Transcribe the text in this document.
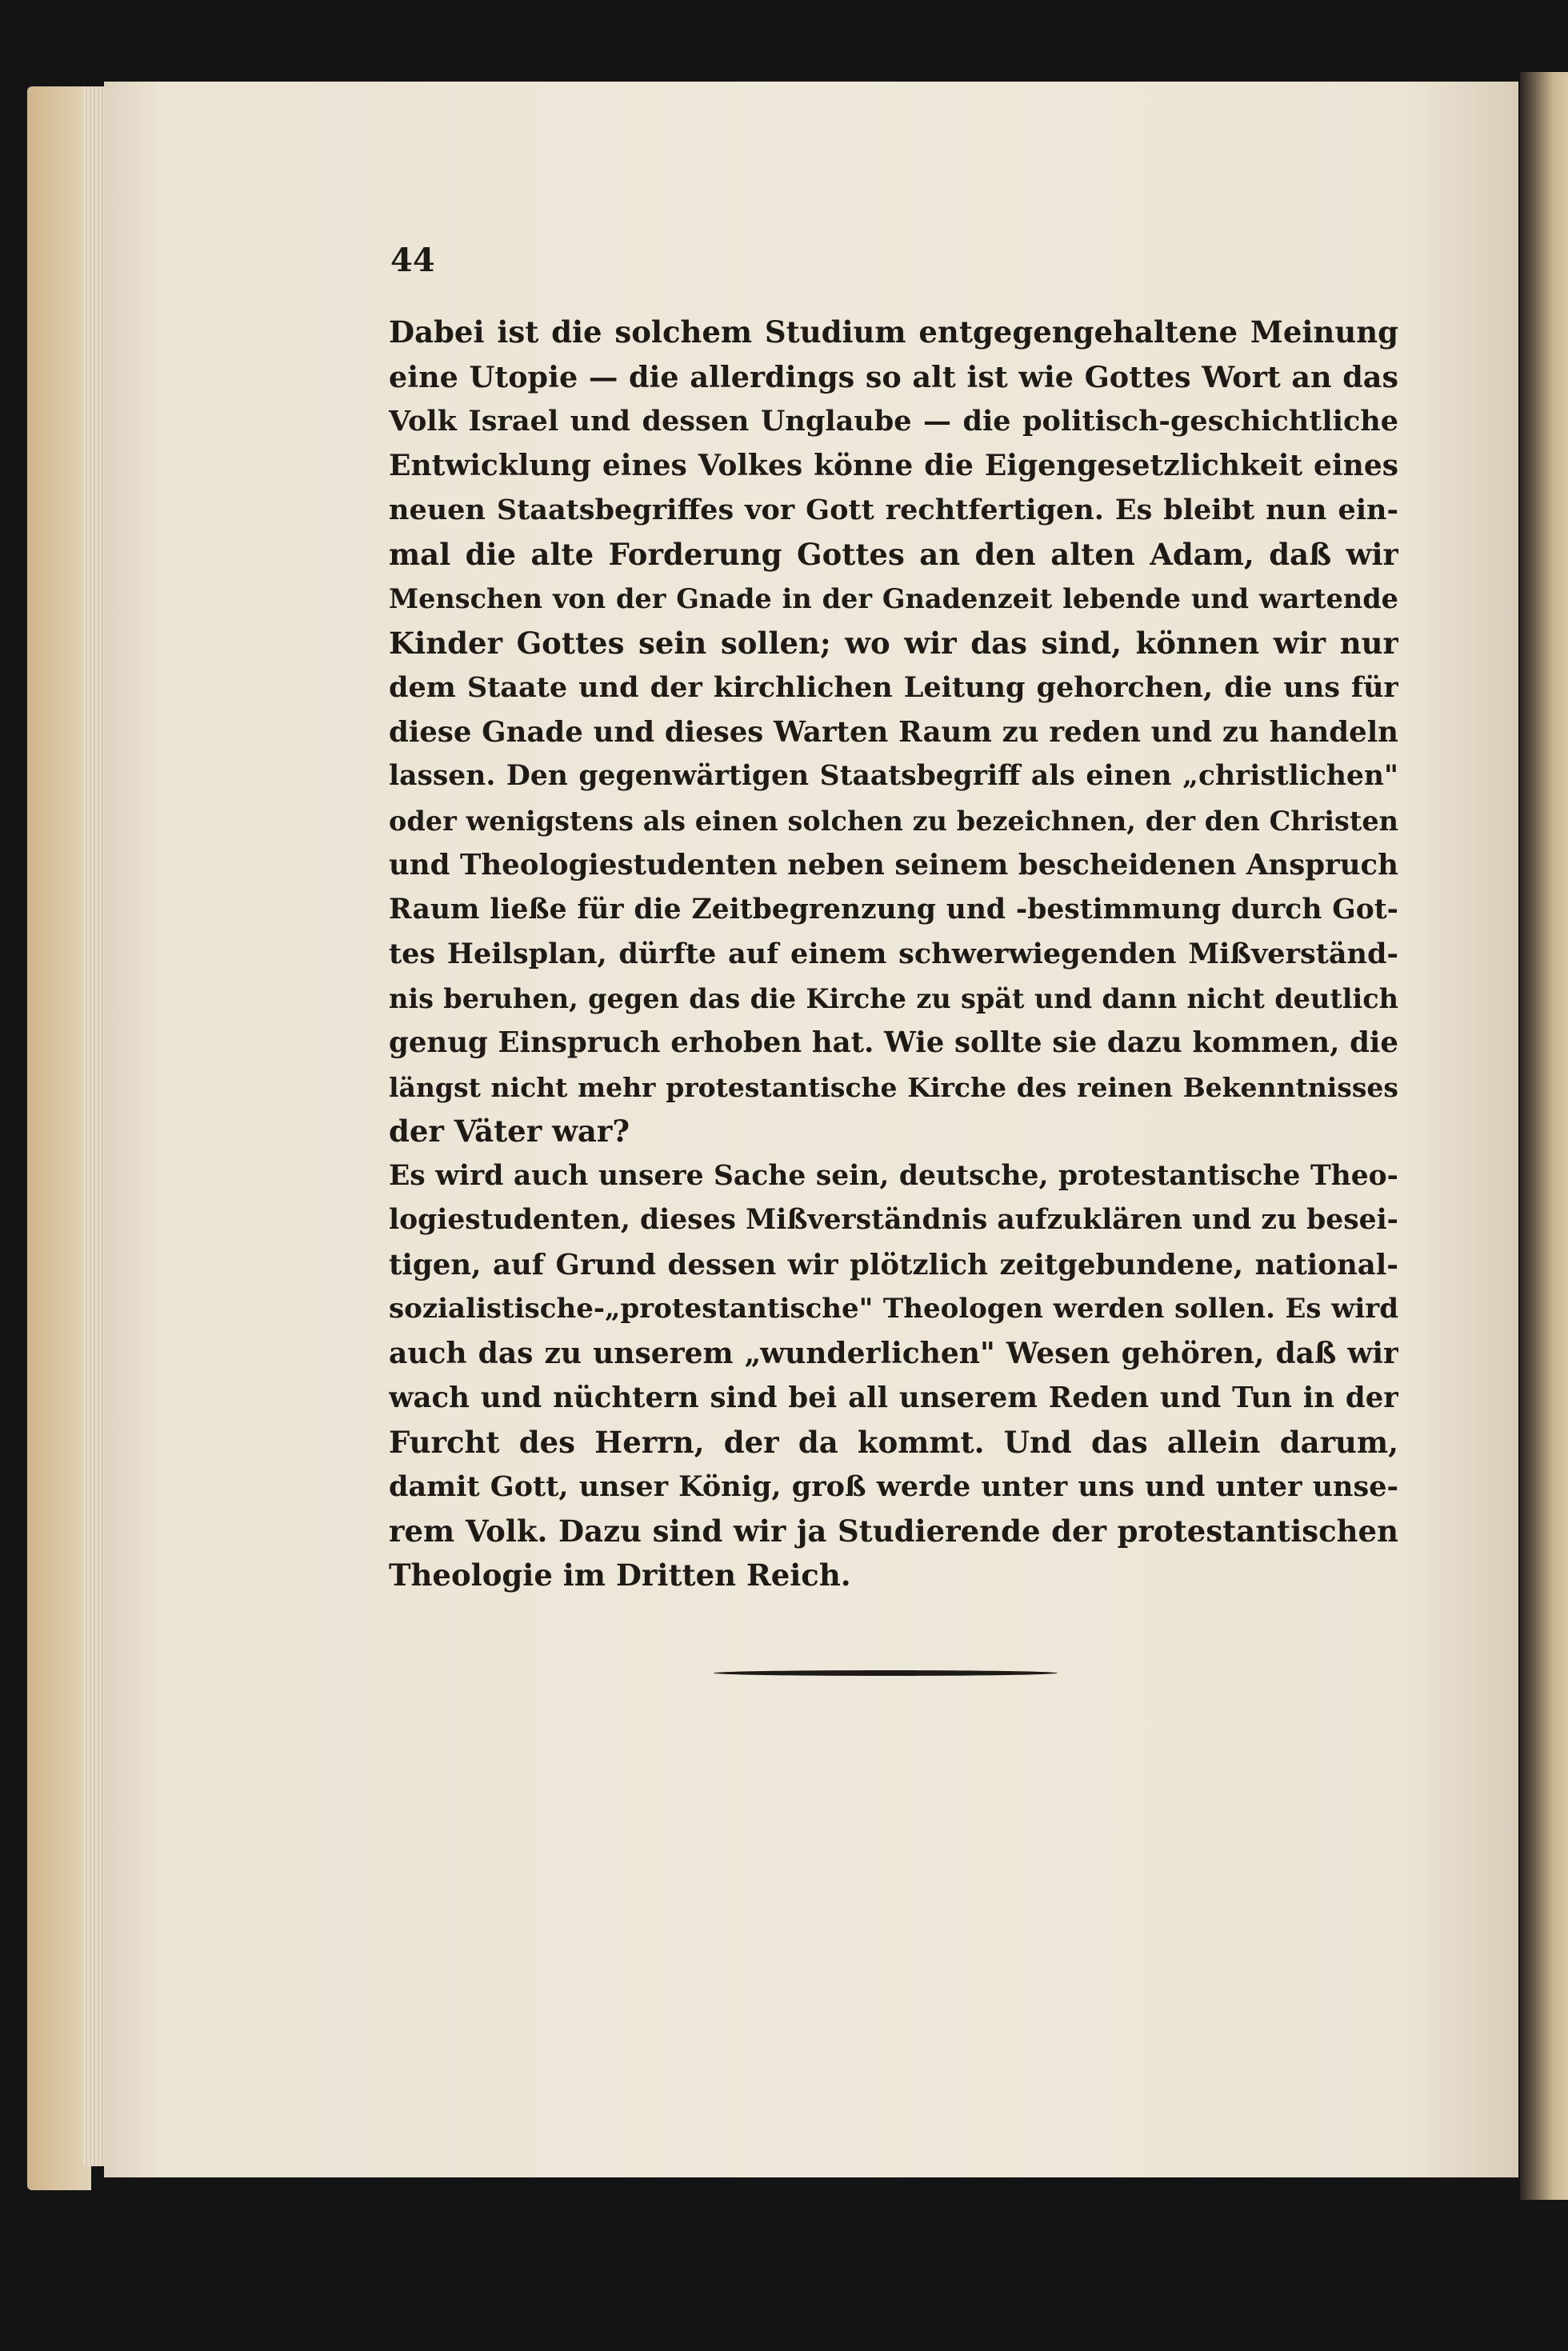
44

Dabei ist die solchem Studium entgegengehaltene Meinung

eine Utopie — die allerdings so alt ist wie Gottes Wort an das

Volk Israel und dessen Unglaube — die politisch-geschichtliche

Entwicklung eines Volkes könne die Eigengesetzlichkeit eines

neuen Staatsbegriffes vor Gott rechtfertigen. Es bleibt nun ein-

mal die alte Forderung Gottes an den alten Adam, daß wir

Menschen von der Gnade in der Gnadenzeit lebende und wartende

Kinder Gottes sein sollen; wo wir das sind, können wir nur

dem Staate und der kirchlichen Leitung gehorchen, die uns für

diese Gnade und dieses Warten Raum zu reden und zu handeln

lassen. Den gegenwärtigen Staatsbegriff als einen „christlichen"

oder wenigstens als einen solchen zu bezeichnen, der den Christen

und Theologiestudenten neben seinem bescheidenen Anspruch

Raum ließe für die Zeitbegrenzung und -bestimmung durch Got-

tes Heilsplan, dürfte auf einem schwerwiegenden Mißverständ-

nis beruhen, gegen das die Kirche zu spät und dann nicht deutlich

genug Einspruch erhoben hat. Wie sollte sie dazu kommen, die

längst nicht mehr protestantische Kirche des reinen Bekenntnisses

der Väter war?

Es wird auch unsere Sache sein, deutsche, protestantische Theo-

logiestudenten, dieses Mißverständnis aufzuklären und zu besei-

tigen, auf Grund dessen wir plötzlich zeitgebundene, national-

sozialistische-„protestantische" Theologen werden sollen. Es wird

auch das zu unserem „wunderlichen" Wesen gehören, daß wir

wach und nüchtern sind bei all unserem Reden und Tun in der

Furcht des Herrn, der da kommt. Und das allein darum,

damit Gott, unser König, groß werde unter uns und unter unse-

rem Volk. Dazu sind wir ja Studierende der protestantischen

Theologie im Dritten Reich.
